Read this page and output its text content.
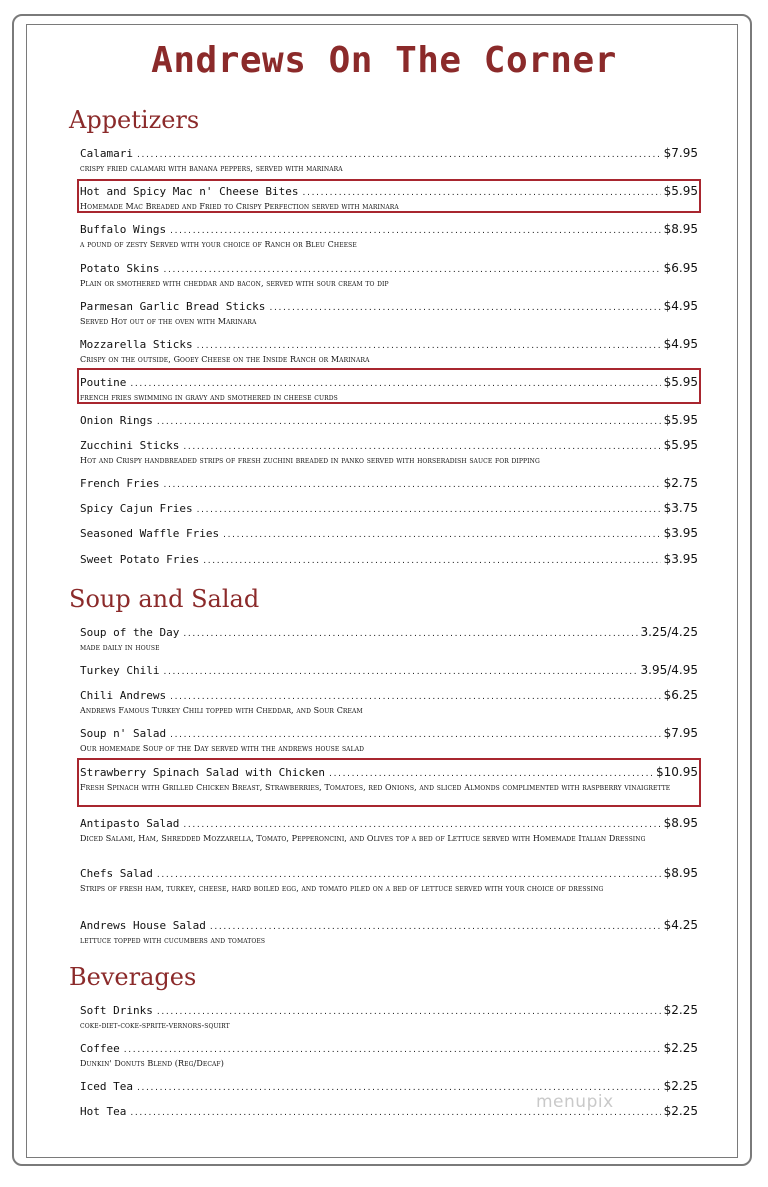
Andrews On The Corner
Appetizers
Calamari . . .	$7.95
crispy fried calamari with banana peppers, served with marinara
Hot and Spicy Mac n' Cheese Bites . . .	$5.95
Homemade Mac Breaded and Fried to Crispy Perfection served with marinara
Buffalo Wings . . .	$8.95
a pound of zesty Served with your choice of Ranch or Bleu Cheese
Potato Skins . . .	$6.95
Plain or smothered with cheddar and bacon, served with sour cream to dip
Parmesan Garlic Bread Sticks . . .	$4.95
Served Hot out of the oven with Marinara
Mozzarella Sticks . . .	$4.95
Crispy on the outside, Gooey Cheese on the Inside Ranch or Marinara
Poutine . . .	$5.95
french fries swimming in gravy and smothered in cheese curds
Onion Rings . . .	$5.95
Zucchini Sticks . . .	$5.95
Hot and Crispy handbreaded strips of fresh zuchini breaded in panko served with horseradish sauce for dipping
French Fries . . .	$2.75
Spicy Cajun Fries . . .	$3.75
Seasoned Waffle Fries . . .	$3.95
Sweet Potato Fries . . .	$3.95
Soup and Salad
Soup of the Day . . .	3.25/4.25
made daily in house
Turkey Chili . . .	3.95/4.95
Chili Andrews . . .	$6.25
Andrews Famous Turkey Chili topped with Cheddar, and Sour Cream
Soup n' Salad . . .	$7.95
Our homemade Soup of the Day served with the andrews house salad
Strawberry Spinach Salad with Chicken . . .	$10.95
Fresh Spinach with Grilled Chicken Breast, Strawberries, Tomatoes, red Onions, and sliced Almonds complimented with raspberry vinaigrette
Antipasto Salad . . .	$8.95
Diced Salami, Ham, Shredded Mozzarella, Tomato, Pepperoncini, and Olives top a bed of Lettuce served with Homemade Italian Dressing
Chefs Salad . . .	$8.95
Strips of fresh ham, turkey, cheese, hard boiled egg, and tomato piled on a bed of lettuce served with your choice of dressing
Andrews House Salad . . .	$4.25
lettuce topped with cucumbers and tomatoes
Beverages
Soft Drinks . . .	$2.25
coke-diet-coke-sprite-vernors-squirt
Coffee . . .	$2.25
Dunkin' Donuts Blend (Reg/Decaf)
Iced Tea . . .	$2.25
Hot Tea . . .	$2.25
menupix
